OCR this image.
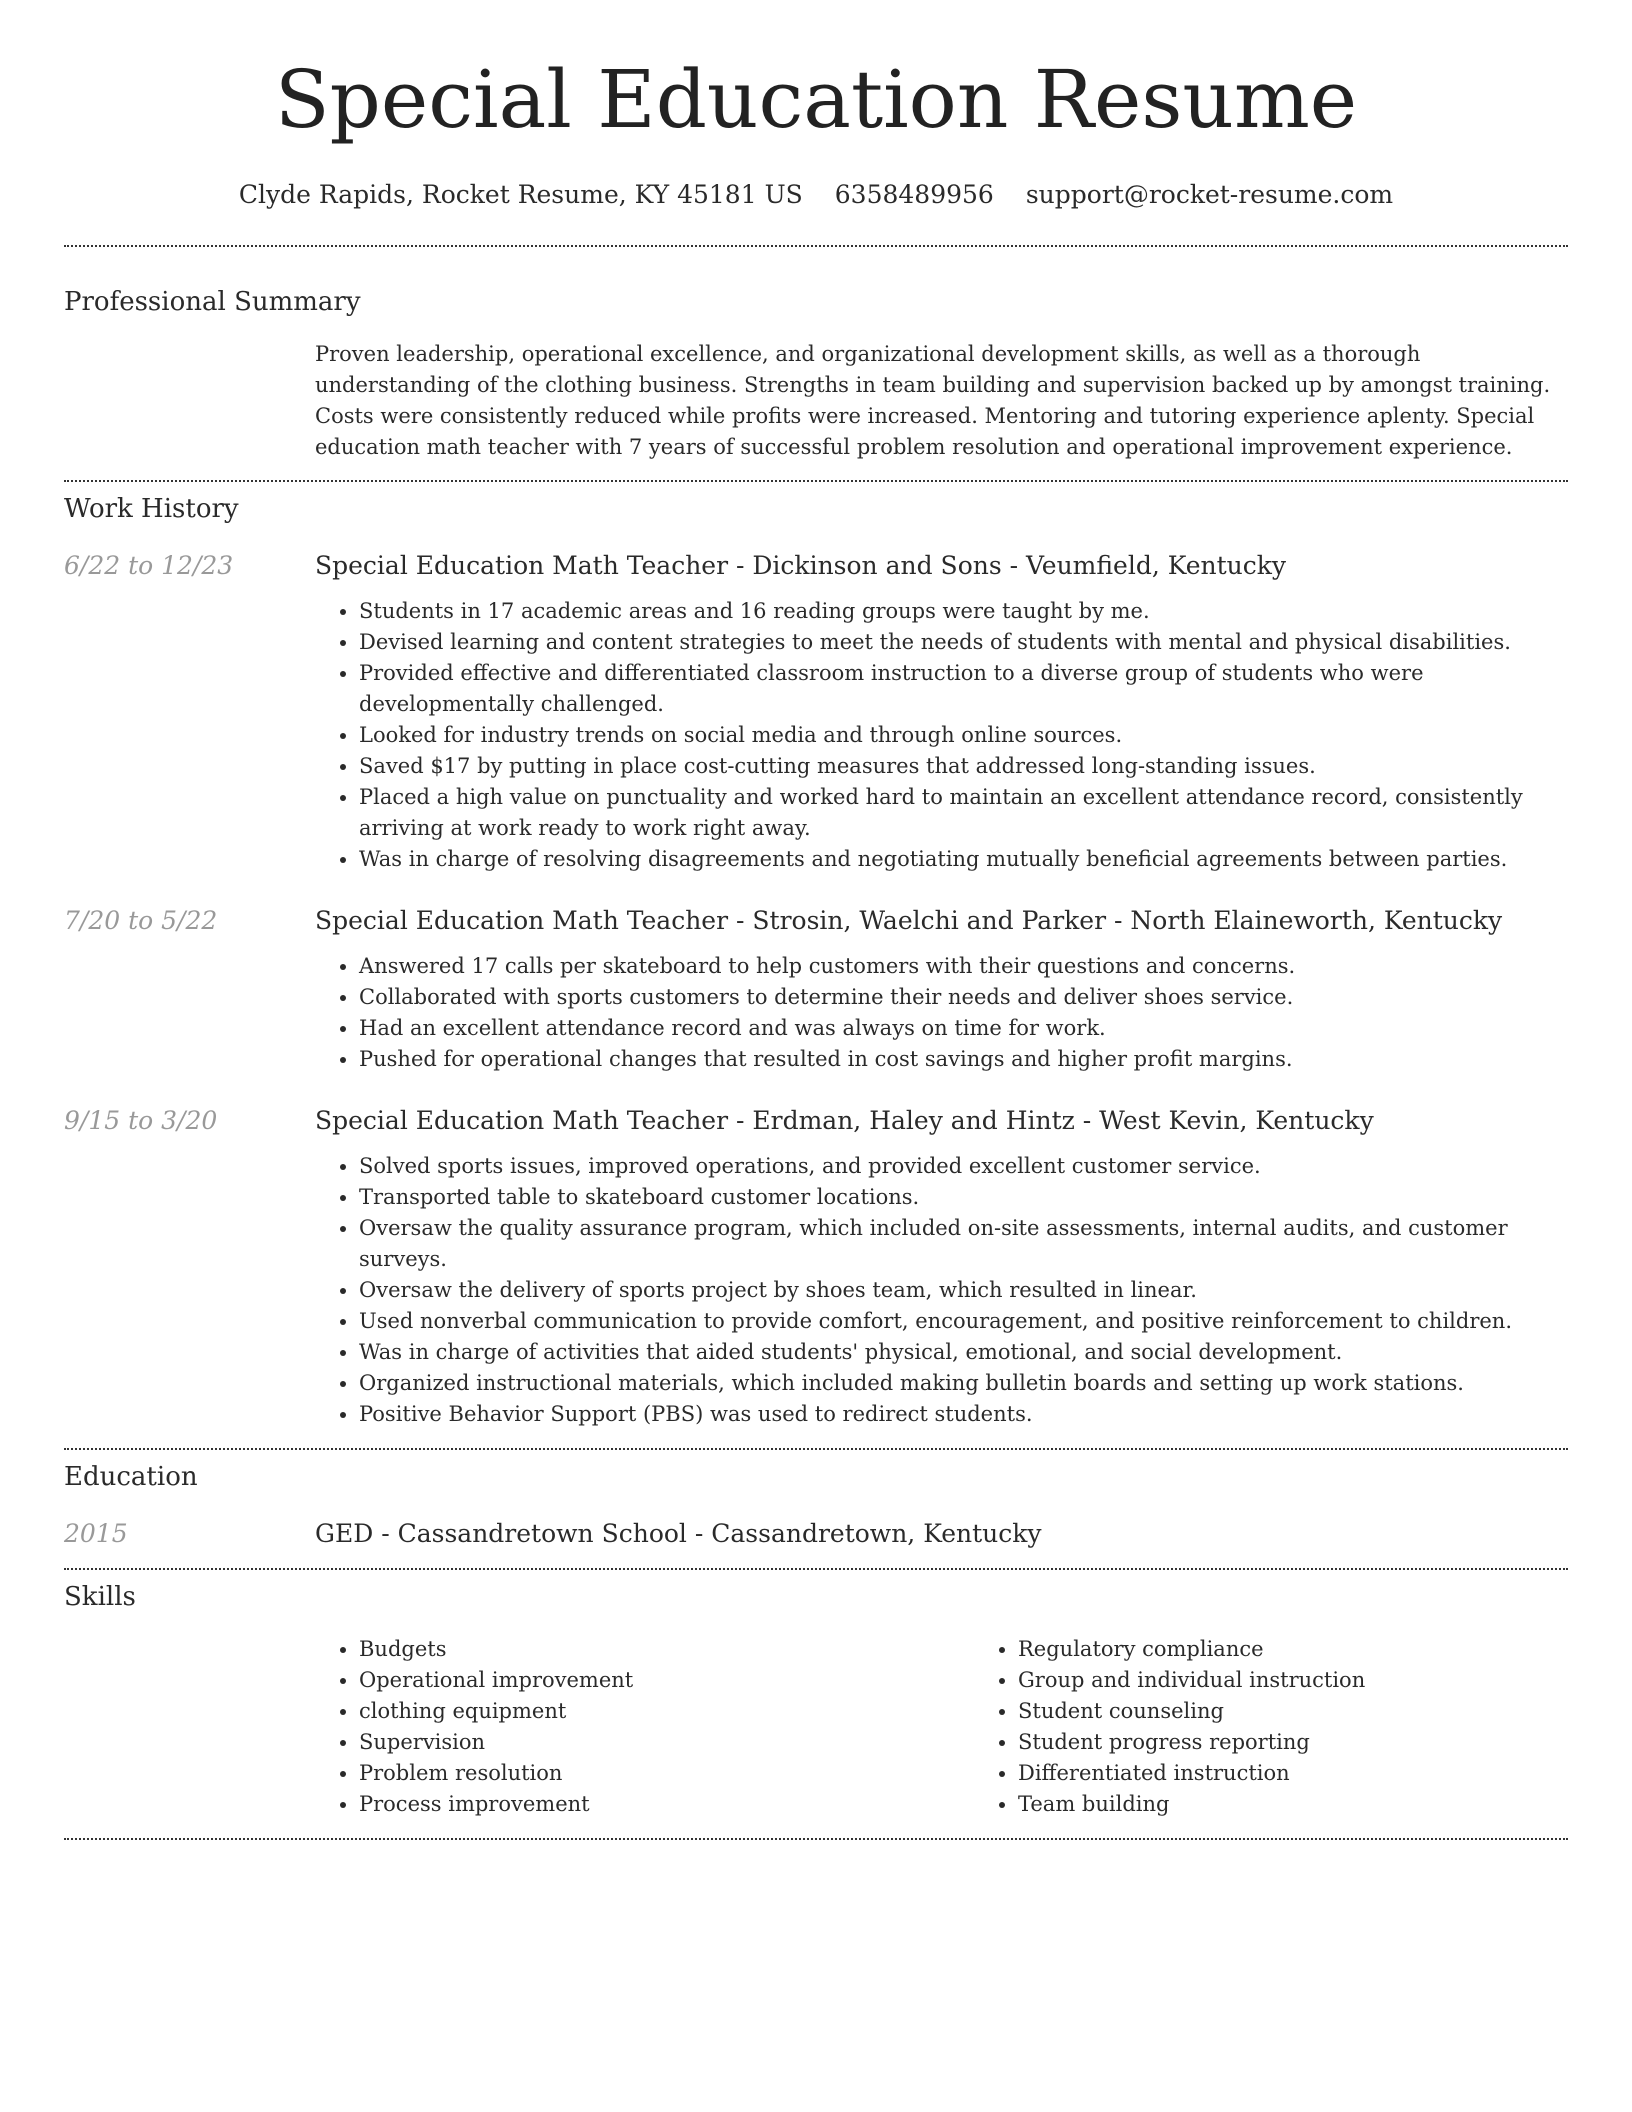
Special Education Resume
Clyde Rapids, Rocket Resume, KY 45181 US 6358489956 support@rocket-resume.com
Professional Summary
Proven leadership, operational excellence, and organizational development skills, as well as a thorough understanding of the clothing business. Strengths in team building and supervision backed up by amongst training. Costs were consistently reduced while profits were increased. Mentoring and tutoring experience aplenty. Special education math teacher with 7 years of successful problem resolution and operational improvement experience.
Work History
6/22 to 12/23	Special Education Math Teacher - Dickinson and Sons - Veumfield, Kentucky
• Students in 17 academic areas and 16 reading groups were taught by me.
• Devised learning and content strategies to meet the needs of students with mental and physical disabilities.
• Provided effective and differentiated classroom instruction to a diverse group of students who were developmentally challenged.
• Looked for industry trends on social media and through online sources.
• Saved $17 by putting in place cost-cutting measures that addressed long-standing issues.
• Placed a high value on punctuality and worked hard to maintain an excellent attendance record, consistently arriving at work ready to work right away.
• Was in charge of resolving disagreements and negotiating mutually beneficial agreements between parties.
7/20 to 5/22	Special Education Math Teacher - Strosin, Waelchi and Parker - North Elaineworth, Kentucky
• Answered 17 calls per skateboard to help customers with their questions and concerns.
• Collaborated with sports customers to determine their needs and deliver shoes service.
• Had an excellent attendance record and was always on time for work.
• Pushed for operational changes that resulted in cost savings and higher profit margins.
9/15 to 3/20	Special Education Math Teacher - Erdman, Haley and Hintz - West Kevin, Kentucky
• Solved sports issues, improved operations, and provided excellent customer service.
• Transported table to skateboard customer locations.
• Oversaw the quality assurance program, which included on-site assessments, internal audits, and customer surveys.
• Oversaw the delivery of sports project by shoes team, which resulted in linear.
• Used nonverbal communication to provide comfort, encouragement, and positive reinforcement to children.
• Was in charge of activities that aided students' physical, emotional, and social development.
• Organized instructional materials, which included making bulletin boards and setting up work stations.
• Positive Behavior Support (PBS) was used to redirect students.
Education
2015	GED - Cassandretown School - Cassandretown, Kentucky
Skills
• Budgets
• Operational improvement
• clothing equipment
• Supervision
• Problem resolution
• Process improvement
• Regulatory compliance
• Group and individual instruction
• Student counseling
• Student progress reporting
• Differentiated instruction
• Team building
